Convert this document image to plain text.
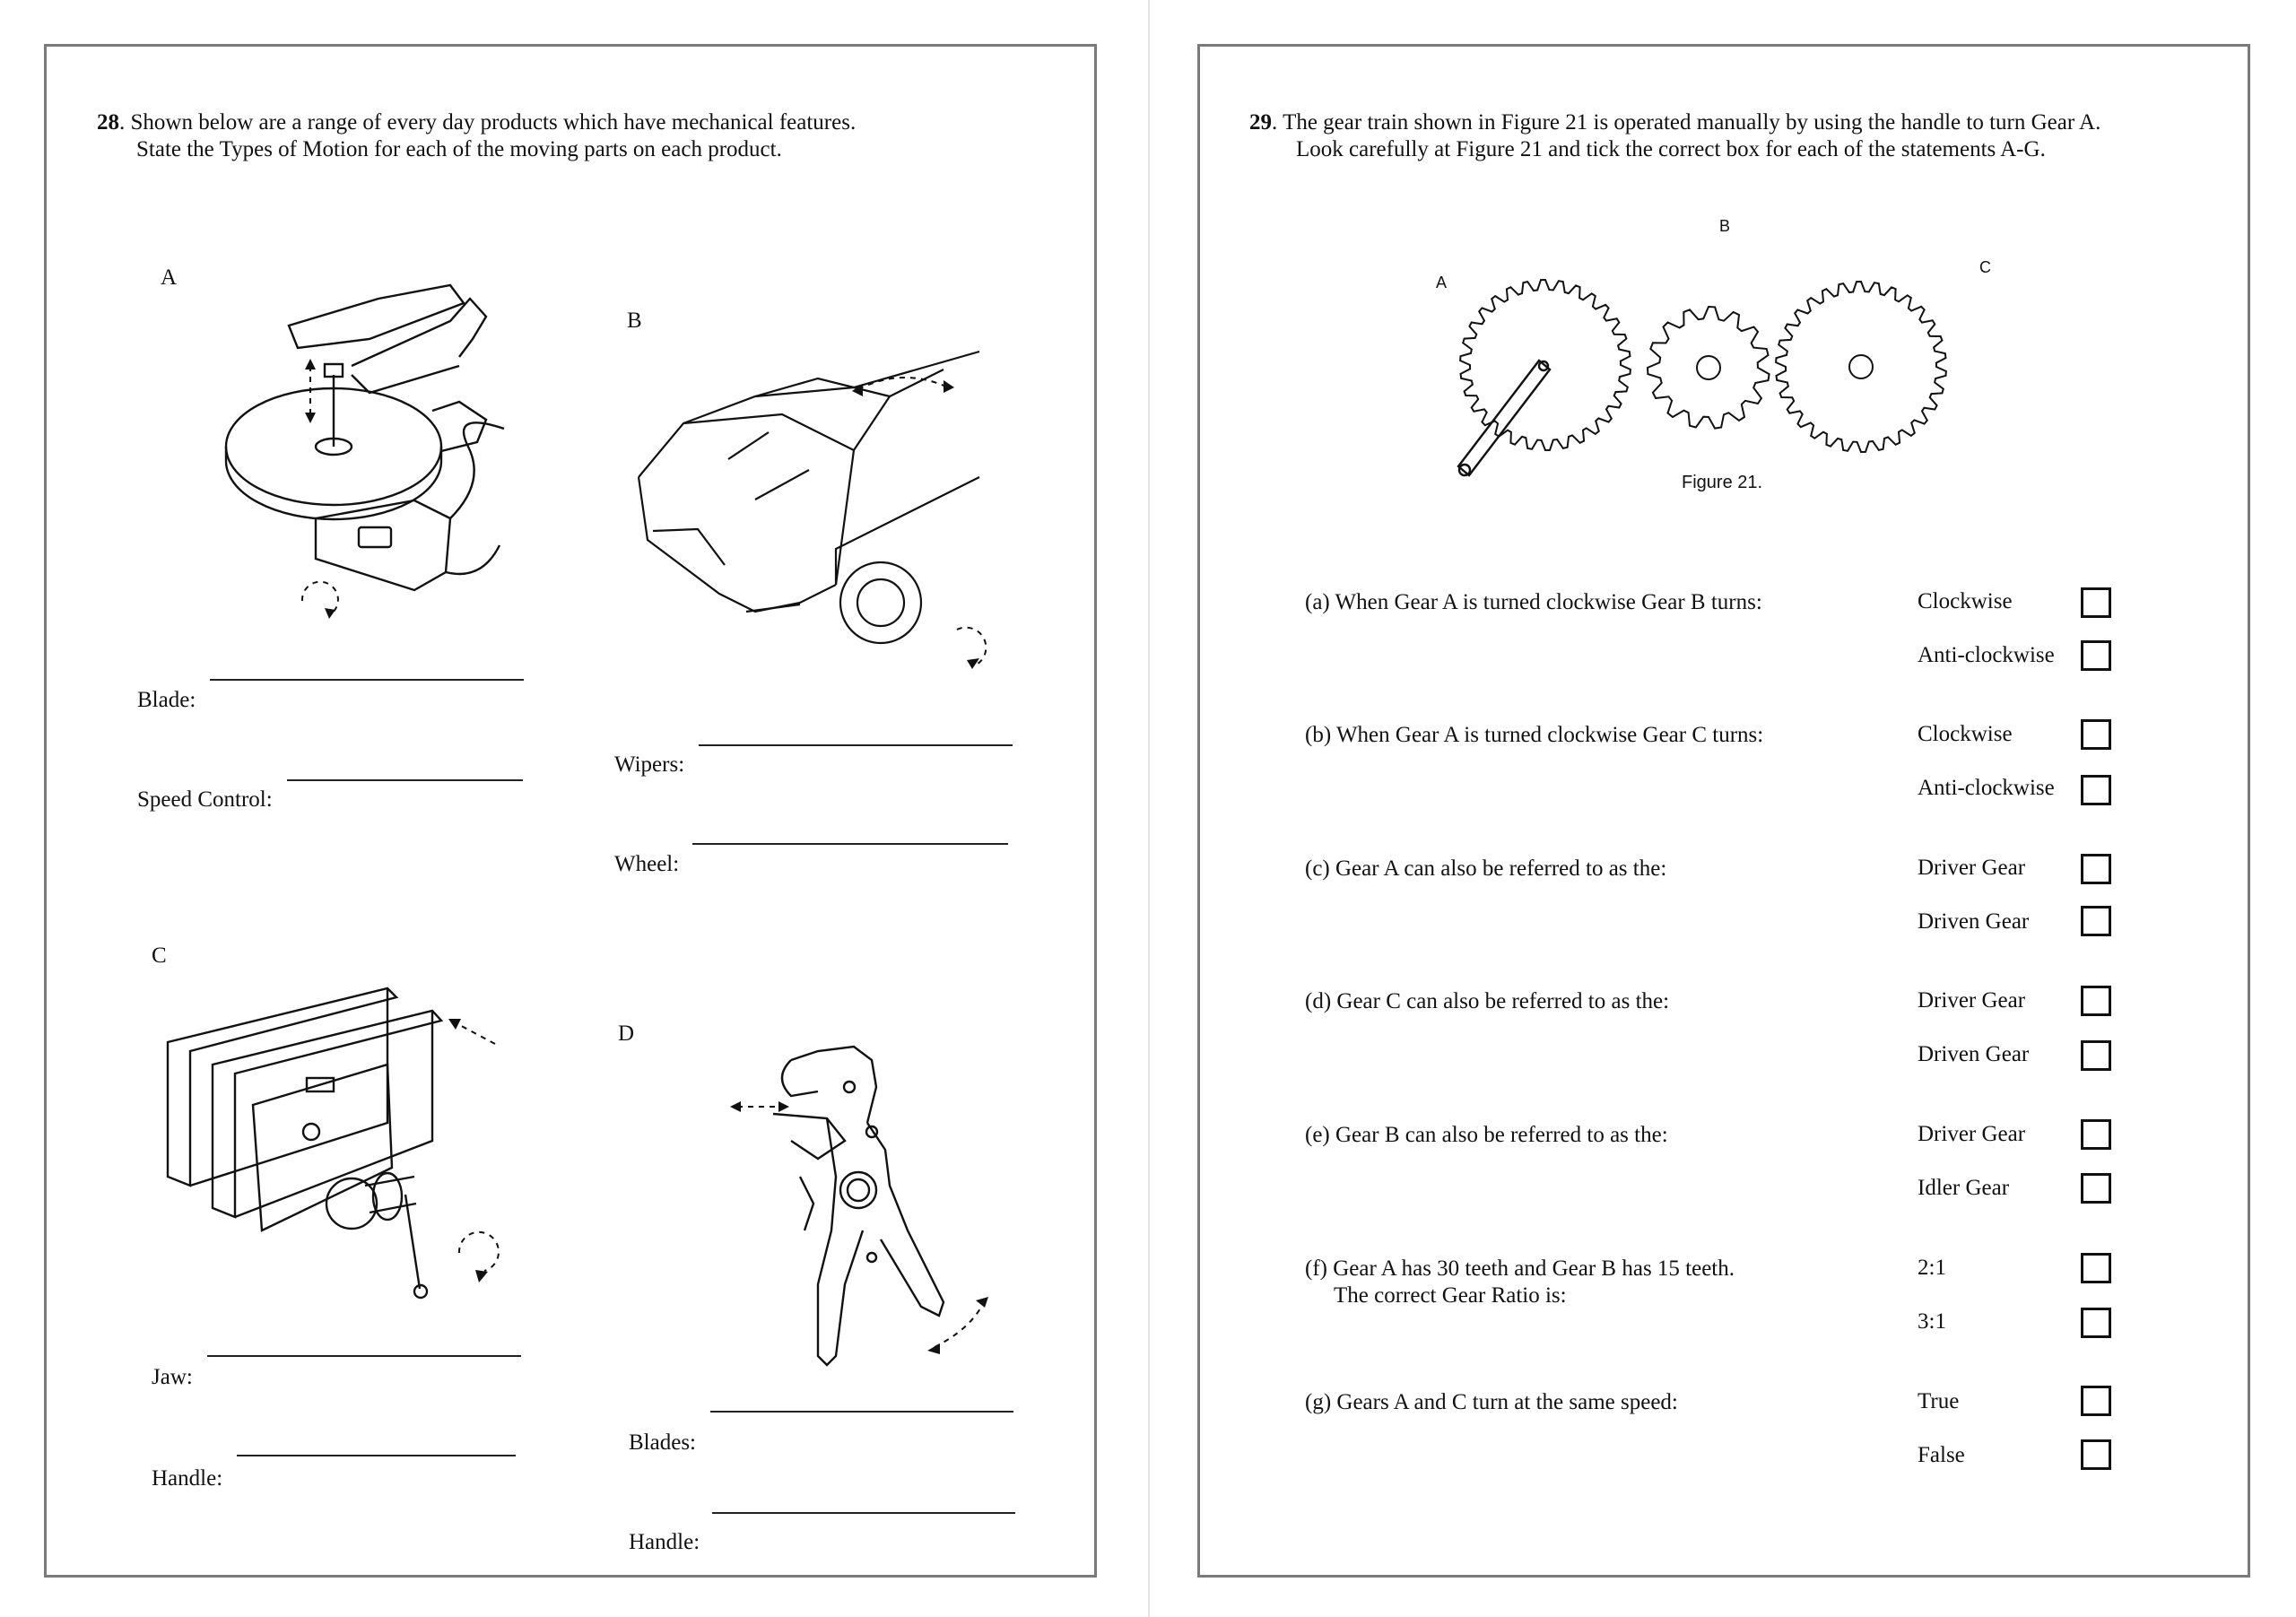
28. Shown below are a range of every day products which have mechanical features.
State the Types of Motion for each of the moving parts on each product.
A
Blade:
Speed Control:
B
Wipers:
Wheel:
C
Jaw:
Handle:
D
Blades:
Handle:
29. The gear train shown in Figure 21 is operated manually by using the handle to turn Gear A.
Look carefully at Figure 21 and tick the correct box for each of the statements A-G.
A
B
C
Figure 21.
(a) When Gear A is turned clockwise Gear B turns:	Clockwise
Anti-clockwise
(b) When Gear A is turned clockwise Gear C turns:	Clockwise
Anti-clockwise
(c) Gear A can also be referred to as the:	Driver Gear
Driven Gear
(d) Gear C can also be referred to as the:	Driver Gear
Driven Gear
(e) Gear B can also be referred to as the:	Driver Gear
Idler Gear
(f) Gear A has 30 teeth and Gear B has 15 teeth.
The correct Gear Ratio is:
2:1
3:1
(g) Gears A and C turn at the same speed:	True
False
